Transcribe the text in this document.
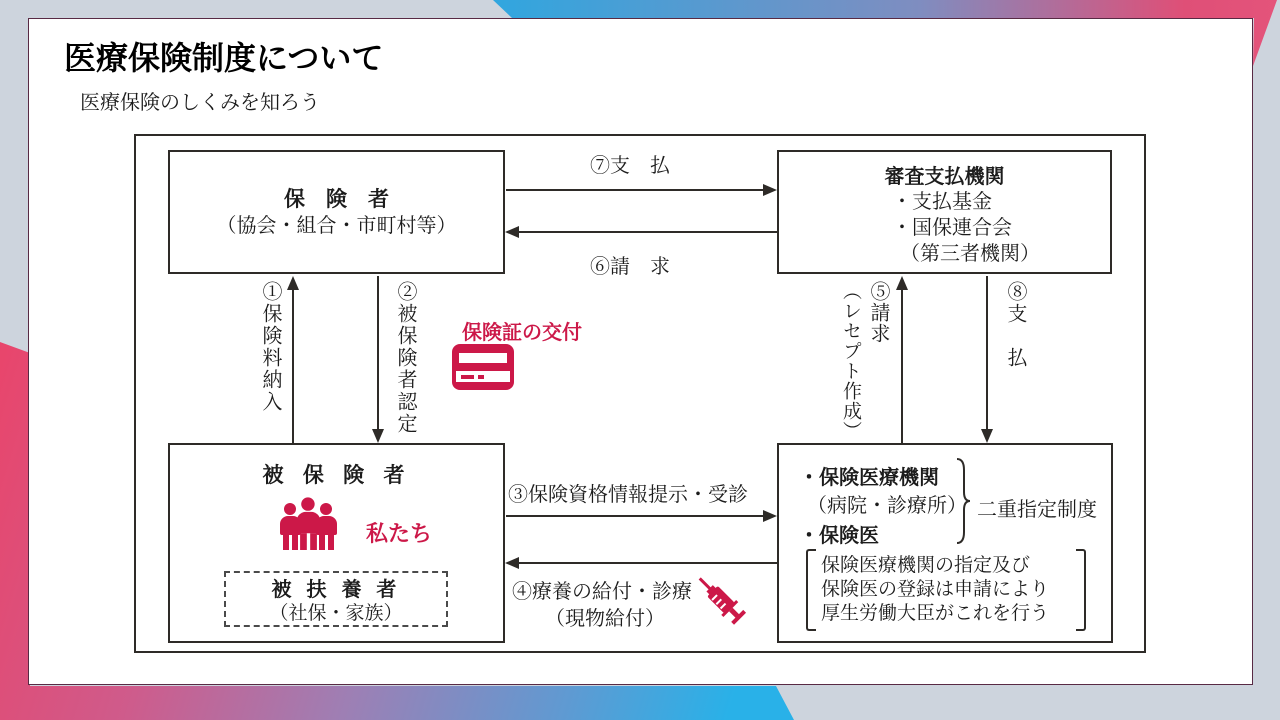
医療保険制度について
医療保険のしくみを知ろう
保　険　者
（協会・組合・市町村等）
審査支払機関
・支払基金
・国保連合会
（第三者機関）
被 保 険 者
私たち
被 扶 養 者
（社保・家族）
・保険医療機関
（病院・診療所）
・保険医
二重指定制度
保険医療機関の指定及び
保険医の登録は申請により
厚生労働大臣がこれを行う
⑦支　払
⑥請　求
①保険料納入	②被保険者認定 保険証の交付	⑤請求
（レセプト作成）	⑧支　払
③保険資格情報提示・受診
④療養の給付・診療
（現物給付）
